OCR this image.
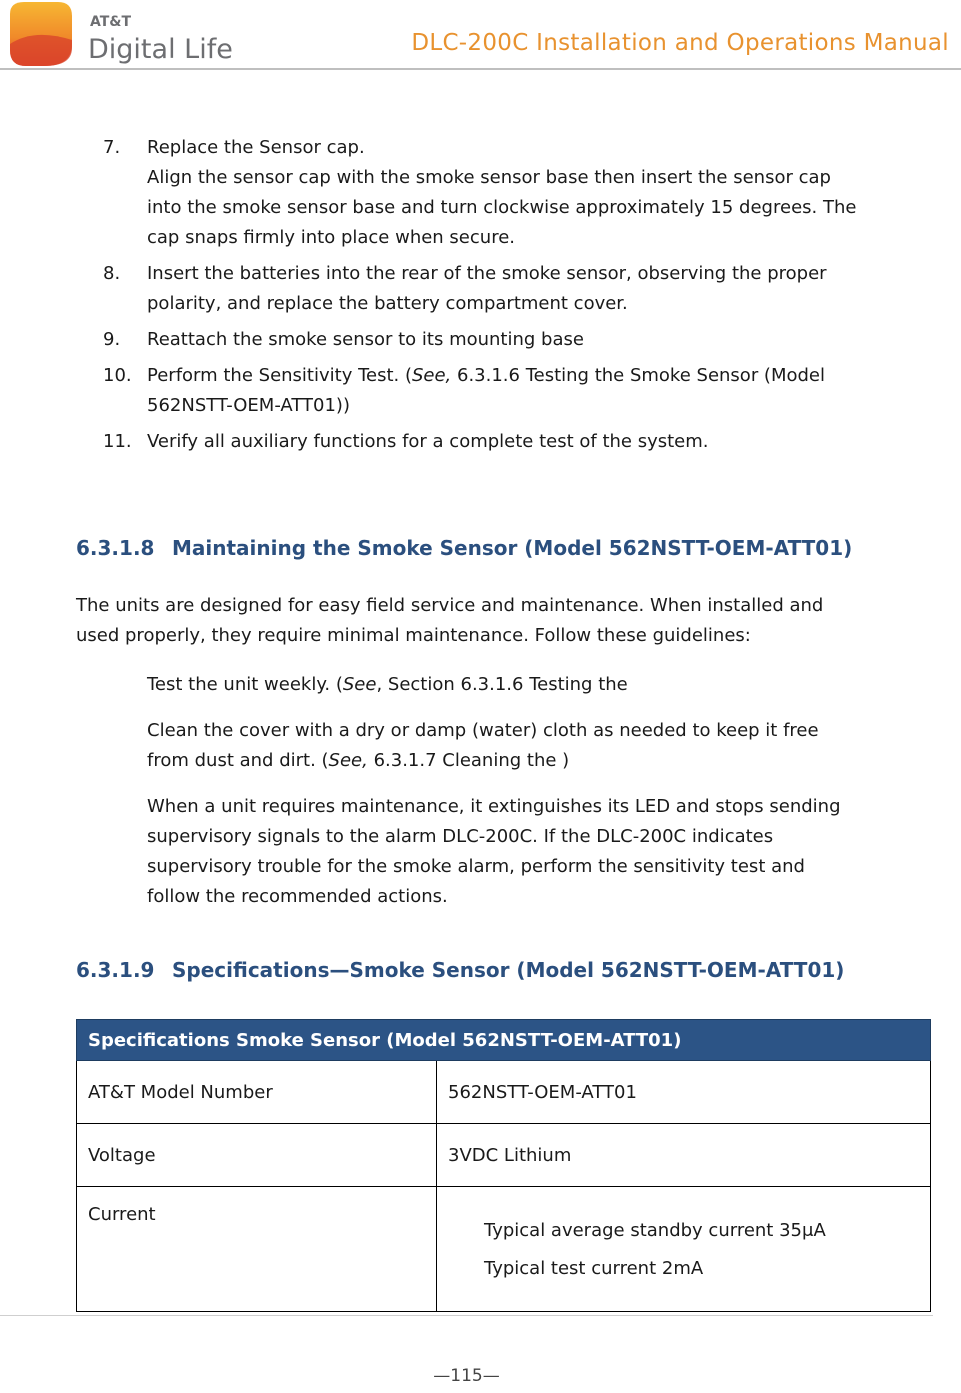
AT&T
Digital Life	DLC-200C Installation and Operations Manual
7.	Replace the Sensor cap.
Align the sensor cap with the smoke sensor base then insert the sensor cap
into the smoke sensor base and turn clockwise approximately 15 degrees. The
cap snaps firmly into place when secure.
8.	Insert the batteries into the rear of the smoke sensor, observing the proper
polarity, and replace the battery compartment cover.
9.	Reattach the smoke sensor to its mounting base
10. Perform the Sensitivity Test. (See, 6.3.1.6 Testing the Smoke Sensor (Model
562NSTT-OEM-ATT01))
11. Verify all auxiliary functions for a complete test of the system.
6.3.1.8 Maintaining the Smoke Sensor (Model 562NSTT-OEM-ATT01)
The units are designed for easy field service and maintenance. When installed and
used properly, they require minimal maintenance. Follow these guidelines:
Test the unit weekly. (See, Section 6.3.1.6 Testing the
Clean the cover with a dry or damp (water) cloth as needed to keep it free
from dust and dirt. (See, 6.3.1.7 Cleaning the )
When a unit requires maintenance, it extinguishes its LED and stops sending
supervisory signals to the alarm DLC-200C. If the DLC-200C indicates
supervisory trouble for the smoke alarm, perform the sensitivity test and
follow the recommended actions.
6.3.1.9 Specifications—Smoke Sensor (Model 562NSTT-OEM-ATT01)
Specifications Smoke Sensor (Model 562NSTT-OEM-ATT01)	
AT&T Model Number	562NSTT-OEM-ATT01
Voltage	3VDC Lithium
Current	Typical average standby current 35μA
Typical test current 2mA
—115—
